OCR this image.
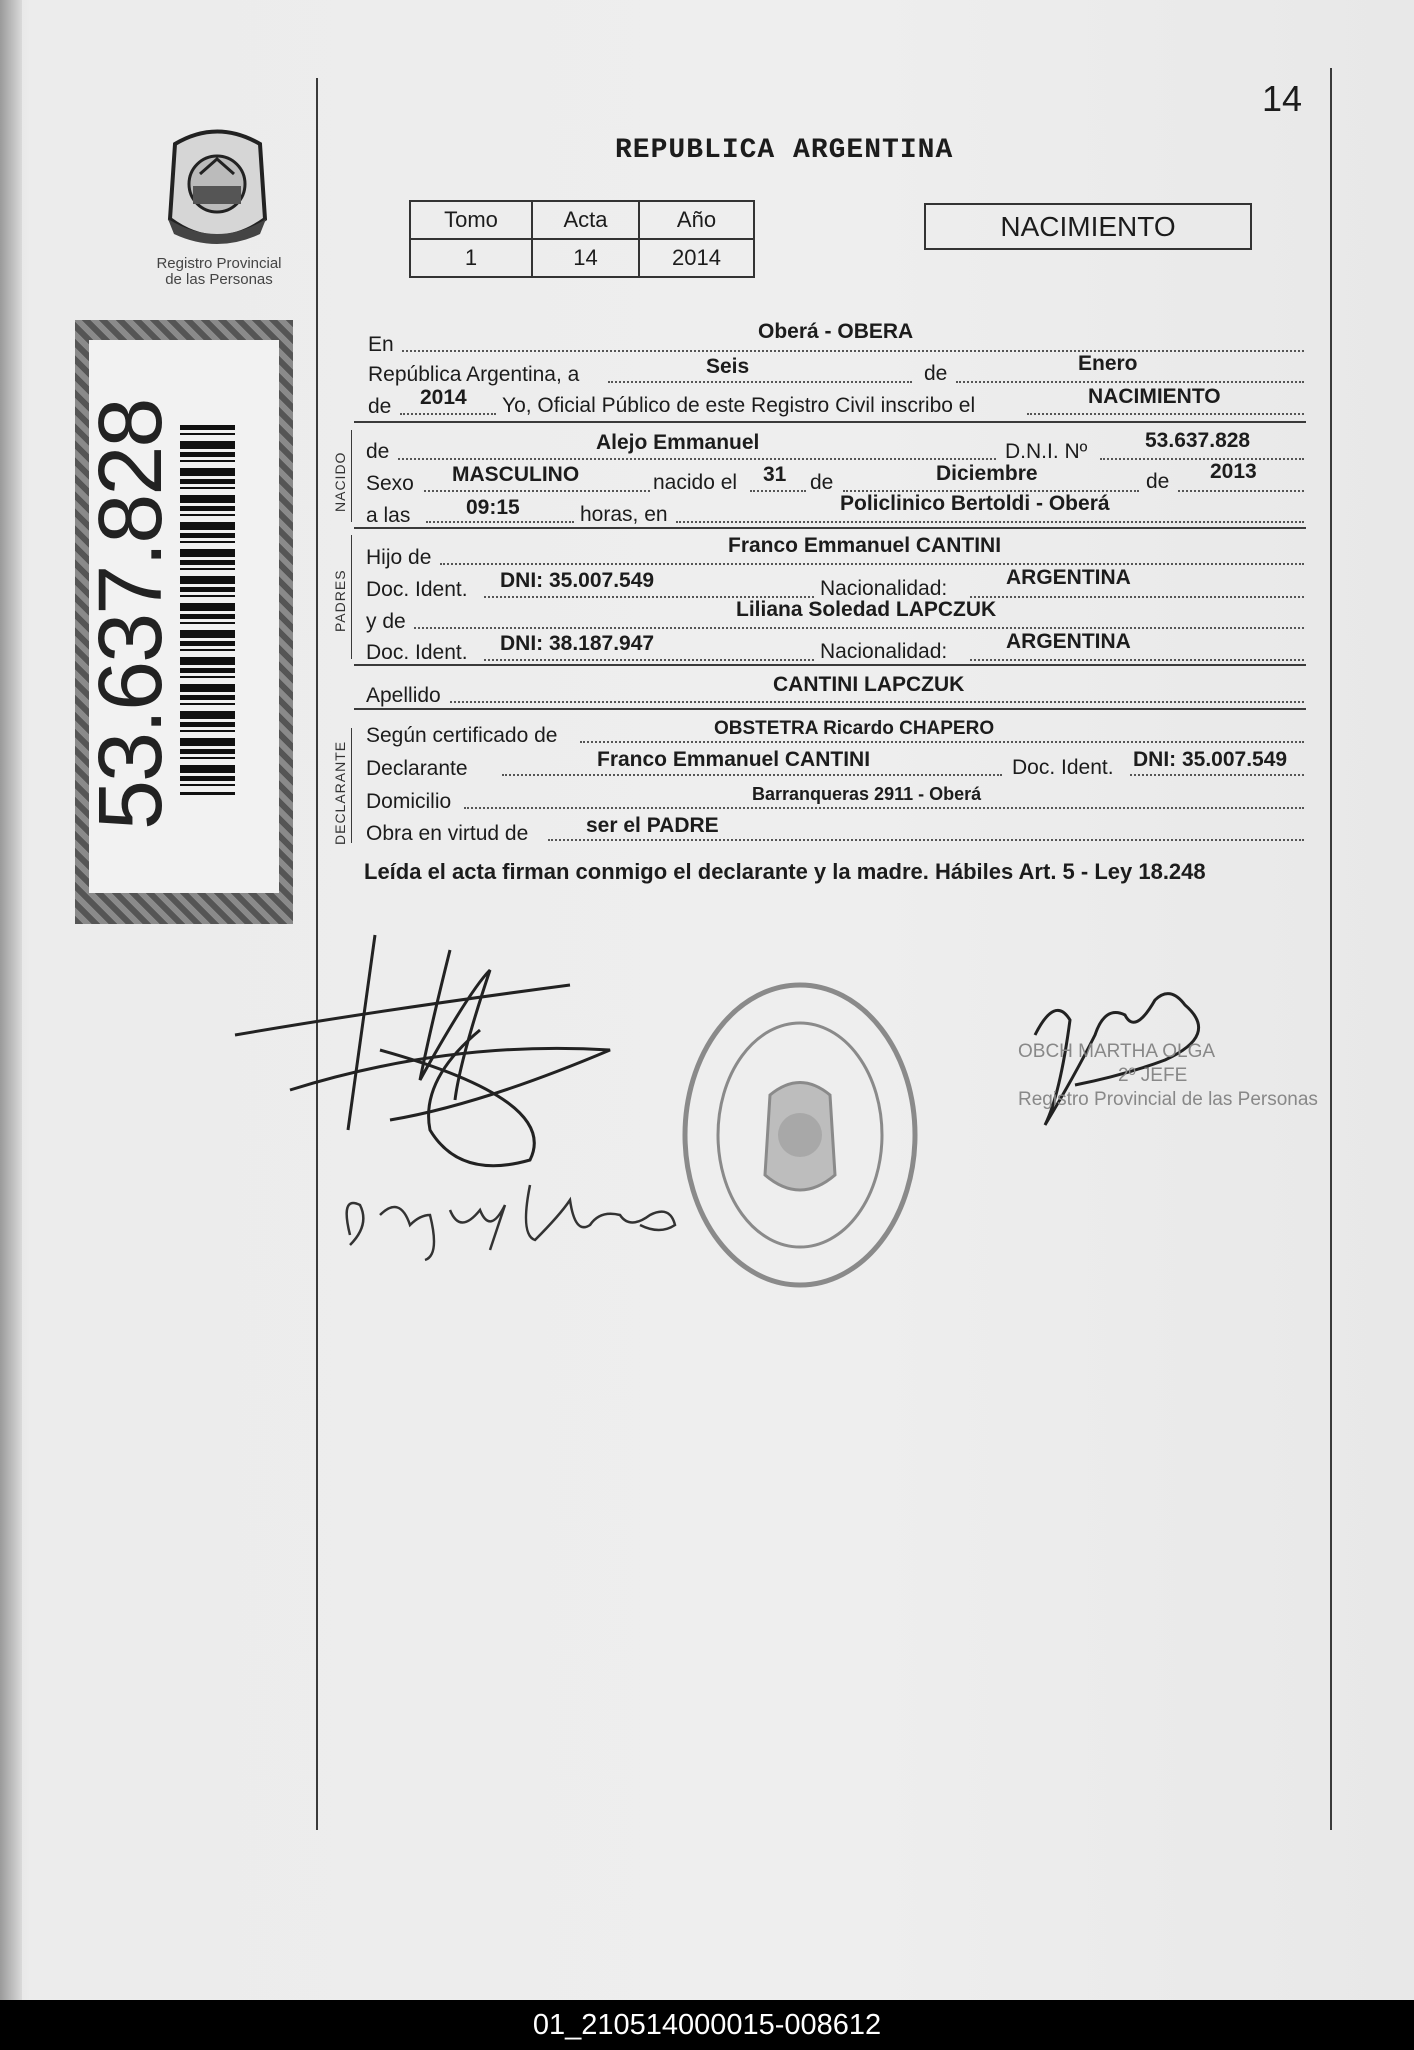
14
REPUBLICA ARGENTINA
Tomo	Acta	Año
1	14	2014
NACIMIENTO
Registro Provincial
de las Personas
53.637.828	NACIDO
PADRES
DECLARANTE
En
Oberá - OBERA
República Argentina, a	Seis	de	Enero
de 2014 Yo, Oficial Público de este Registro Civil inscribo el	NACIMIENTO
de	Alejo Emmanuel	D.N.I. Nº	53.637.828
Sexo MASCULINO	nacido el 31 de	Diciembre	de 2013
a las	09:15	horas, en	Policlinico Bertoldi - Oberá
Hijo de
Franco Emmanuel CANTINI
Doc. Ident. DNI: 35.007.549	Nacionalidad:	ARGENTINA
y de
Liliana Soledad LAPCZUK
Doc. Ident. DNI: 38.187.947	Nacionalidad:	ARGENTINA
Apellido	CANTINI LAPCZUK
Según certificado de	OBSTETRA Ricardo CHAPERO
Declarante	Franco Emmanuel CANTINI	Doc. Ident. DNI: 35.007.549
Domicilio	Barranqueras 2911 - Oberá
Obra en virtud de	ser el PADRE
Leída el acta firman conmigo el declarante y la madre. Hábiles Art. 5 - Ley 18.248
OBCH MARTHA OLGA
2º JEFE
Registro Provincial de las Personas
01_210514000015-008612
